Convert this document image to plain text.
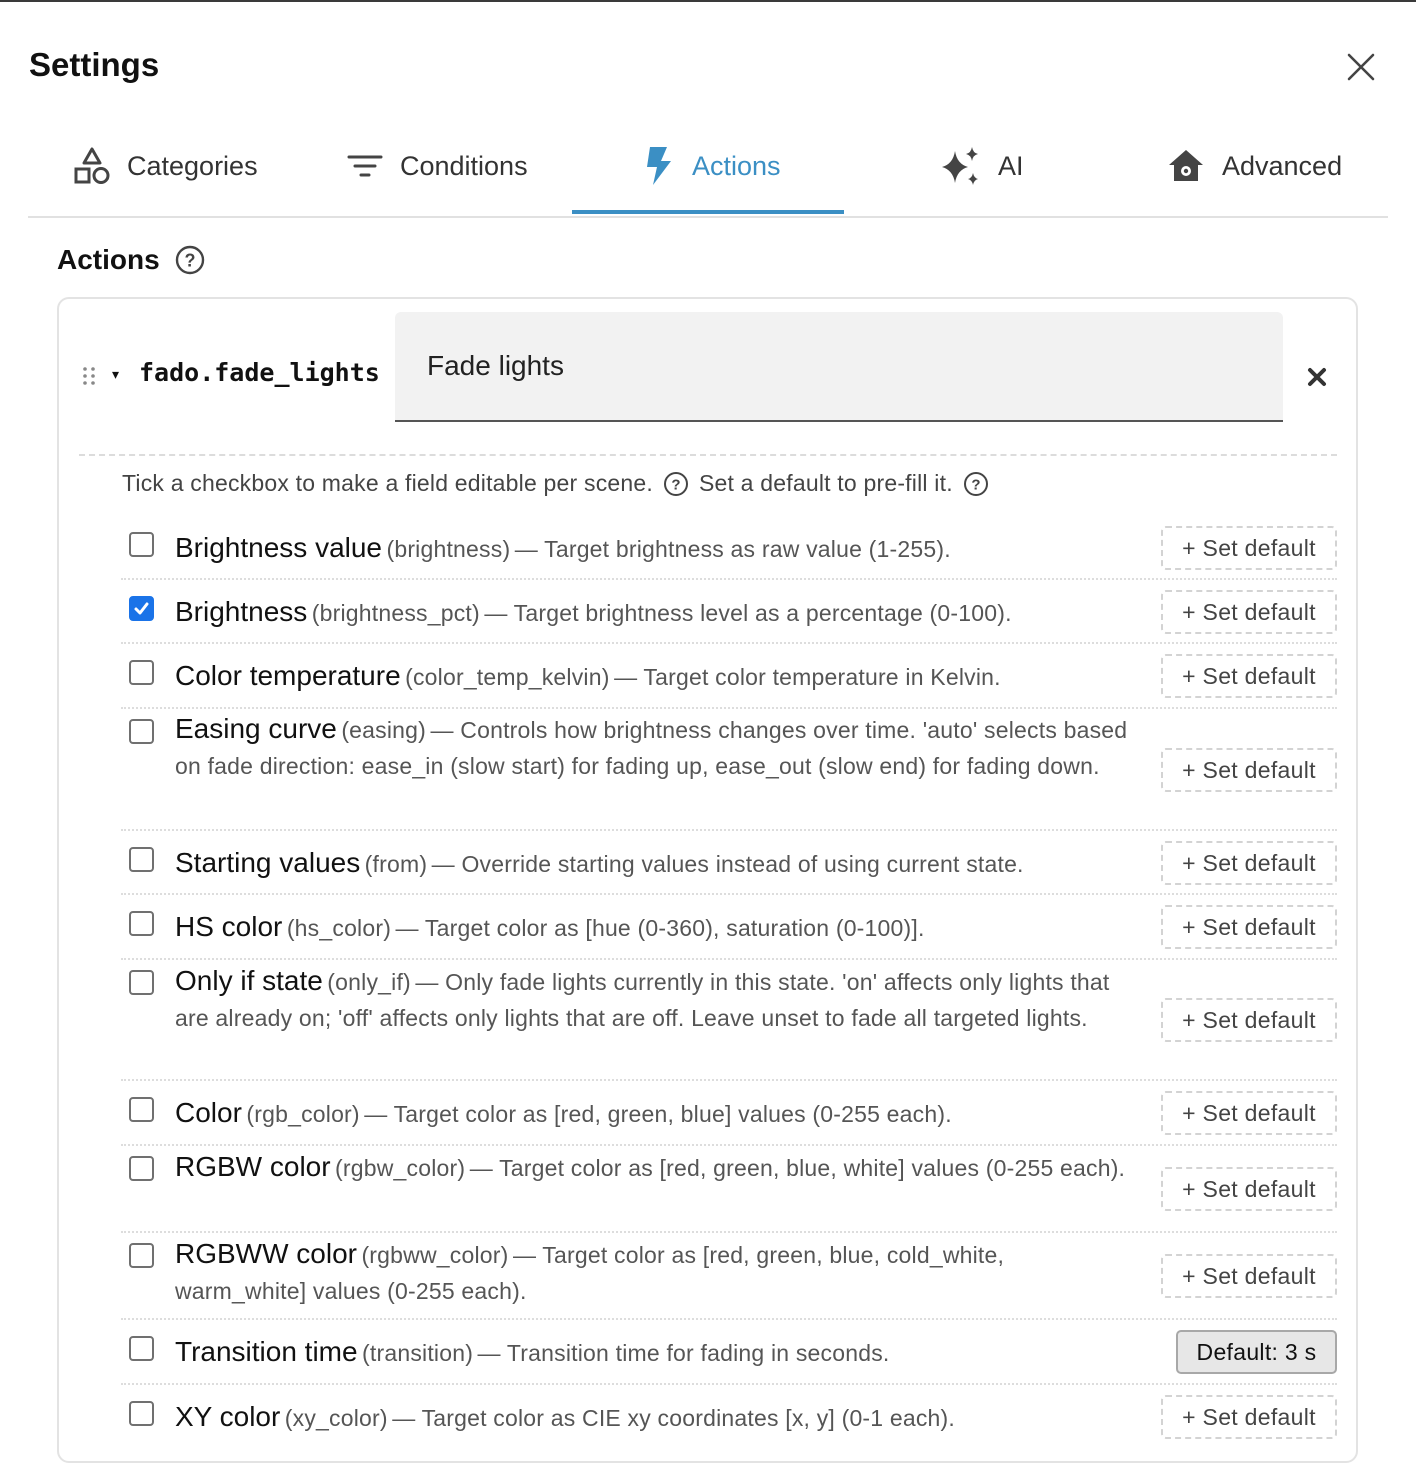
Settings
Categories	Conditions	Actions	AI	Advanced
Actions ?
▾ fado.fade_lights
Fade lights
Tick a checkbox to make a field editable per scene. ? Set a default to pre-fill it. ?
Brightness value (brightness) — Target brightness as raw value (1-255).	+ Set default
Brightness (brightness_pct) — Target brightness level as a percentage (0-100).	+ Set default
Color temperature (color_temp_kelvin) — Target color temperature in Kelvin.	+ Set default
Easing curve (easing) — Controls how brightness changes over time. 'auto' selects based on fade direction: ease_in (slow start) for fading up, ease_out (slow end) for fading down.	+ Set default
Starting values (from) — Override starting values instead of using current state.	+ Set default
HS color (hs_color) — Target color as [hue (0-360), saturation (0-100)].	+ Set default
Only if state (only_if) — Only fade lights currently in this state. 'on' affects only lights that are already on; 'off' affects only lights that are off. Leave unset to fade all targeted lights.	+ Set default
Color (rgb_color) — Target color as [red, green, blue] values (0-255 each).	+ Set default
RGBW color (rgbw_color) — Target color as [red, green, blue, white] values (0-255 each).
+ Set default
RGBWW color (rgbww_color) — Target color as [red, green, blue, cold_white, warm_white] values (0-255 each).
+ Set default
Transition time (transition) — Transition time for fading in seconds.	Default: 3 s
XY color (xy_color) — Target color as CIE xy coordinates [x, y] (0-1 each).	+ Set default
